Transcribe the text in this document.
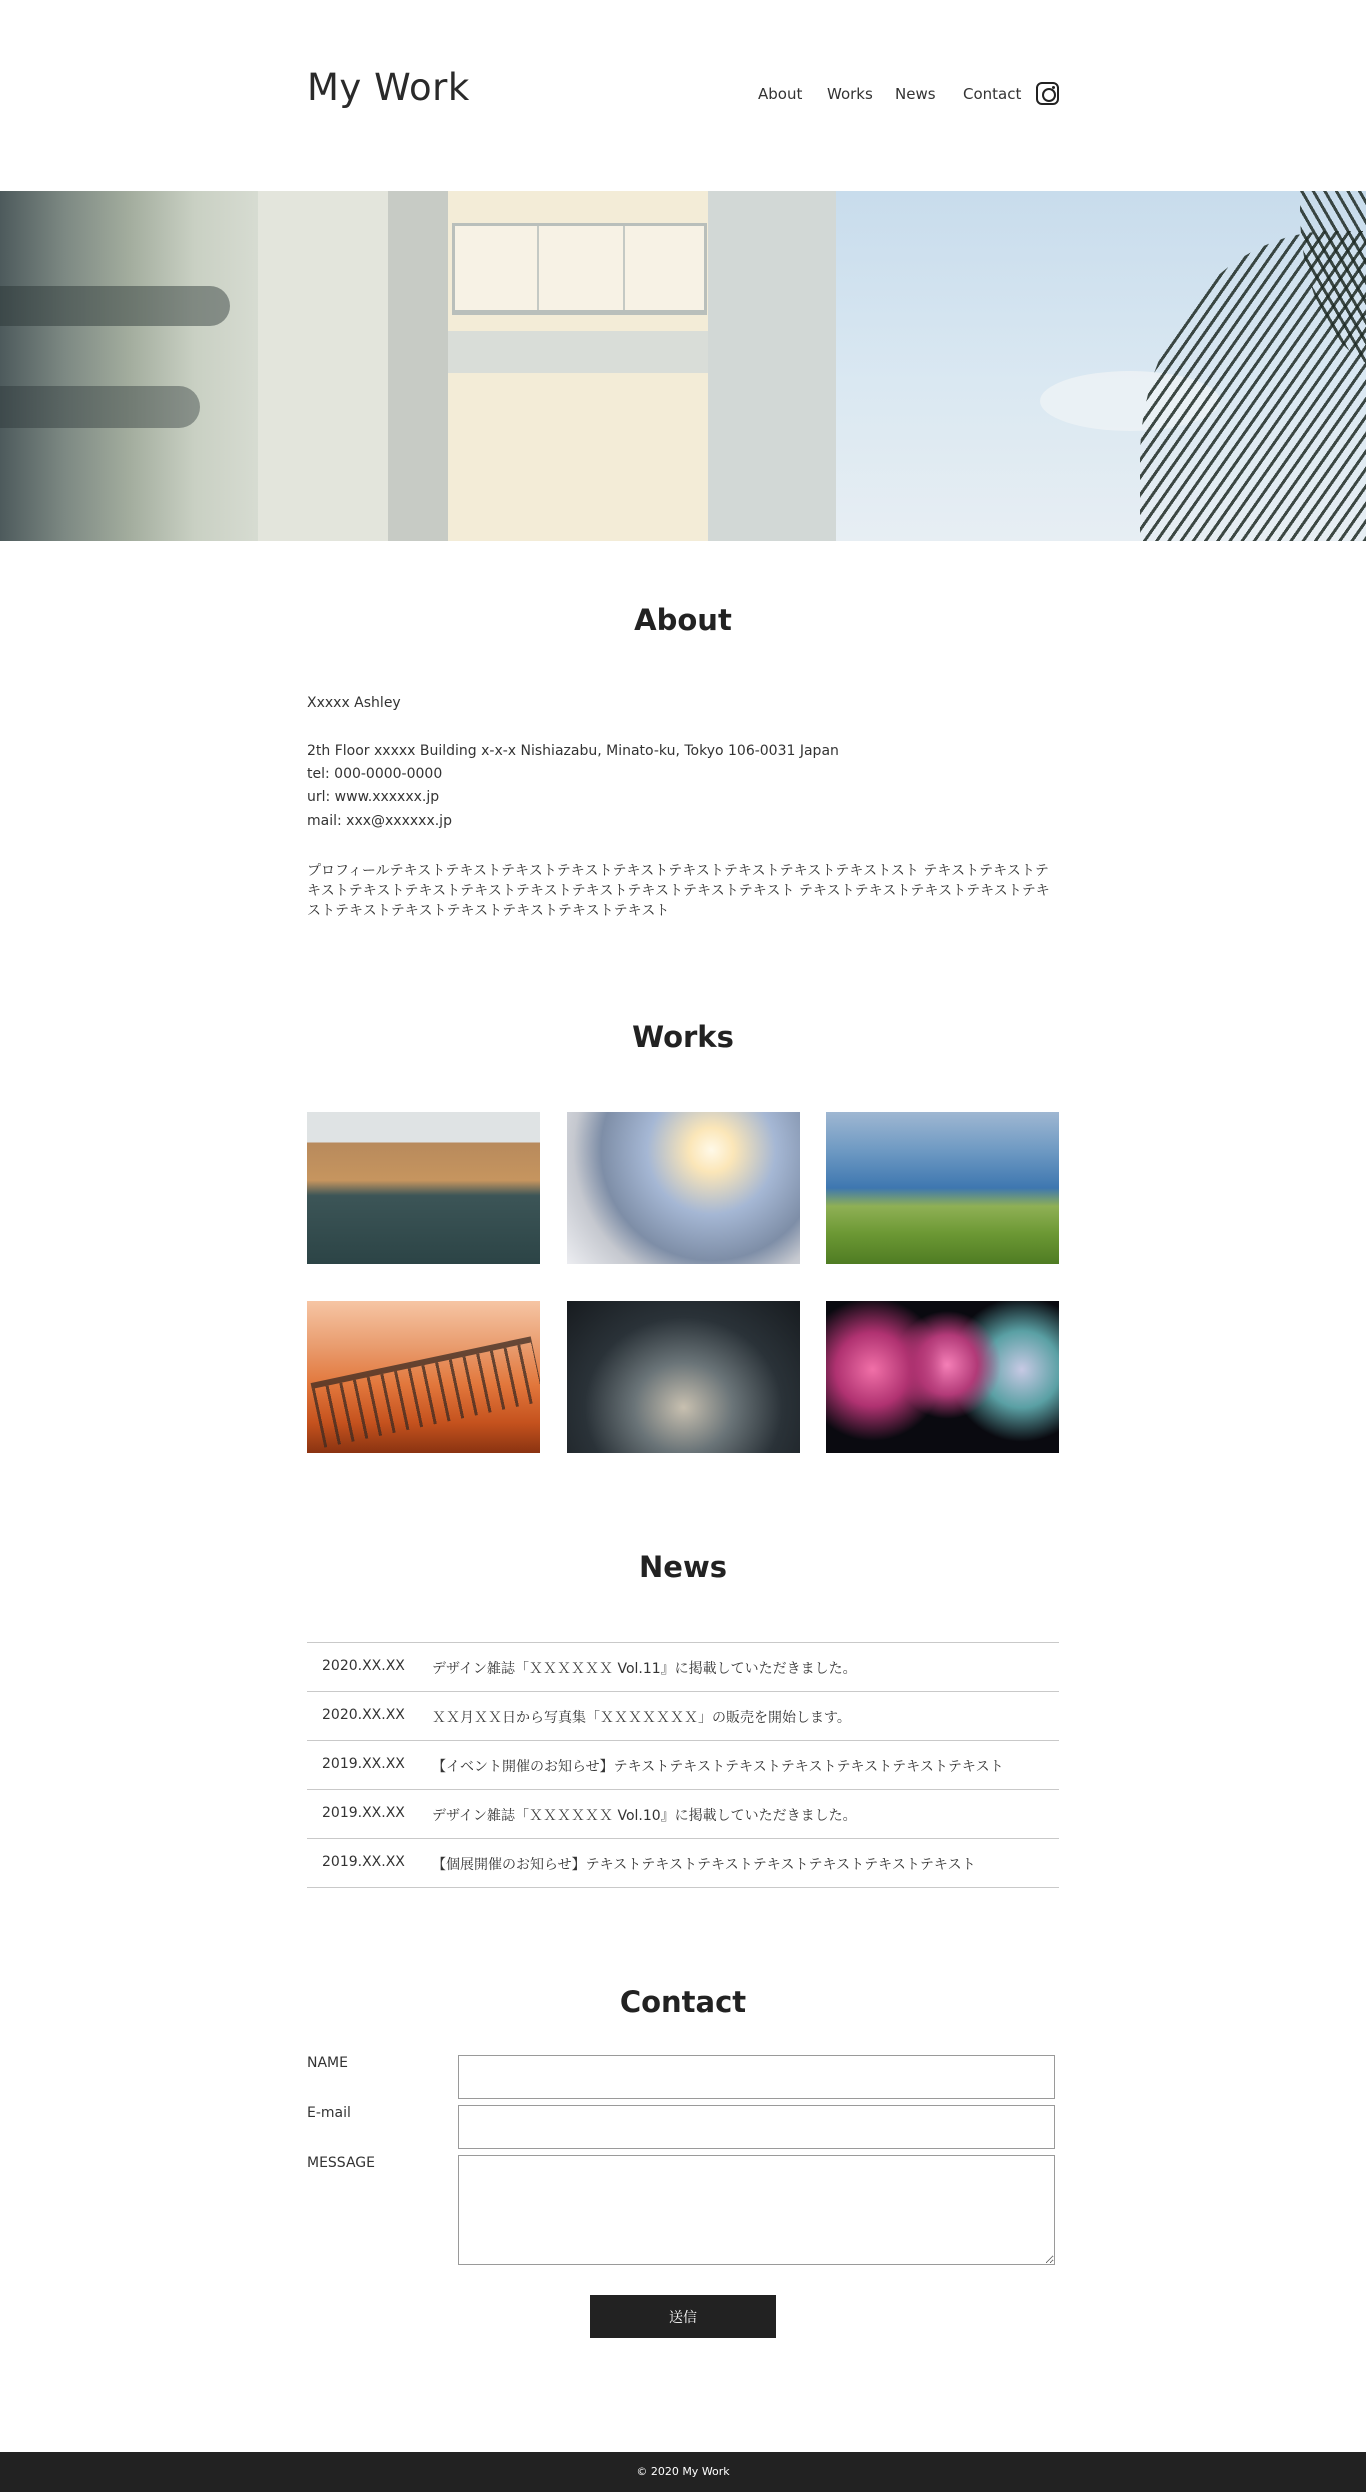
My Work	About Works News Contact
About
Xxxxx Ashley
2th Floor xxxxx Building x-x-x Nishiazabu, Minato-ku, Tokyo 106-0031 Japan
tel: 000-0000-0000
url: www.xxxxxx.jp
mail: xxx@xxxxxx.jp
プロフィールテキストテキストテキストテキストテキストテキストテキストテキストテキストスト テキストテキストテキストテキストテキストテキストテキストテキストテキストテキストテキスト テキストテキストテキストテキストテキストテキストテキストテキストテキストテキストテキスト
Works
News
2020.XX.XX デザイン雑誌「ＸＸＸＸＸＸ Vol.11』に掲載していただきました。
2020.XX.XX ＸＸ月ＸＸ日から写真集「ＸＸＸＸＸＸＸ」の販売を開始します。
2019.XX.XX 【イベント開催のお知らせ】テキストテキストテキストテキストテキストテキストテキスト
2019.XX.XX デザイン雑誌「ＸＸＸＸＸＸ Vol.10』に掲載していただきました。
2019.XX.XX 【個展開催のお知らせ】テキストテキストテキストテキストテキストテキストテキスト
Contact
NAME
E-mail
MESSAGE
送信
© 2020 My Work
